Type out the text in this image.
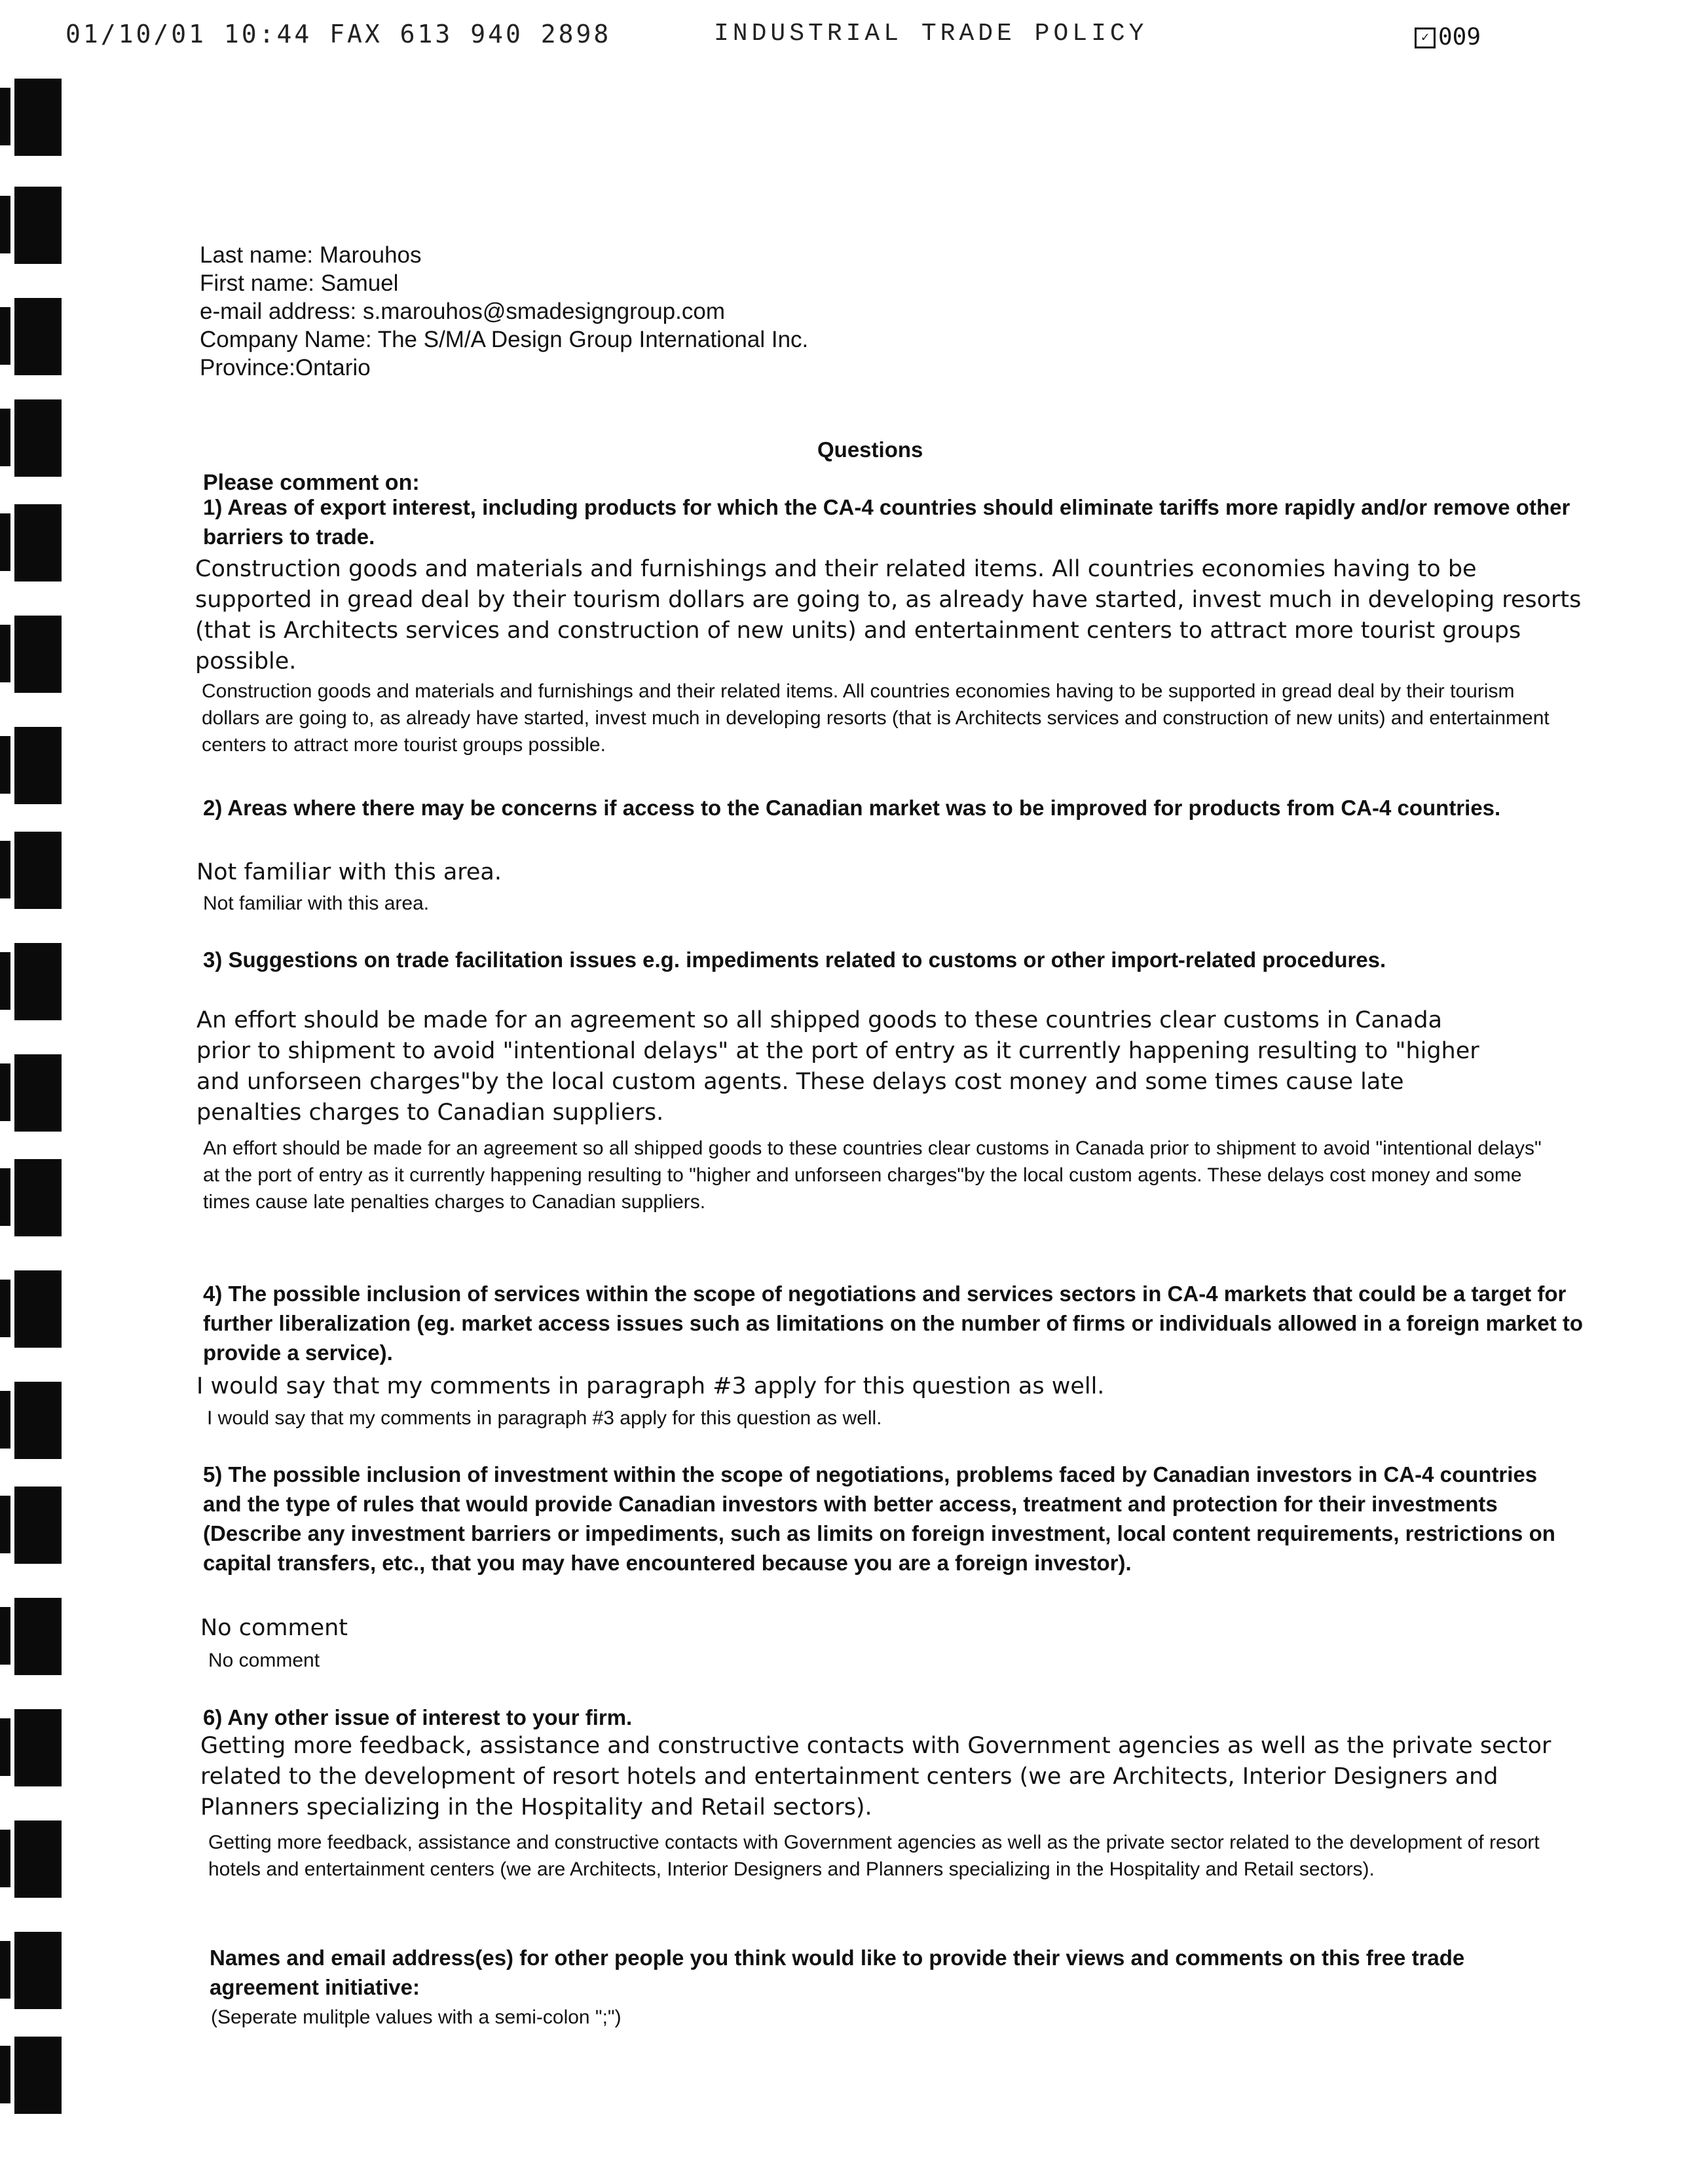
01/10/01 10:44 FAX 613 940 2898	INDUSTRIAL TRADE POLICY	✓ 009
Last name: Marouhos
First name: Samuel
e-mail address: s.marouhos@smadesigngroup.com
Company Name: The S/M/A Design Group International Inc.
Province:Ontario
Questions
Please comment on:
1) Areas of export interest, including products for which the CA-4 countries should eliminate tariffs more rapidly and/or remove other barriers to trade.
Construction goods and materials and furnishings and their related items. All countries economies having to be supported in gread deal by their tourism dollars are going to, as already have started, invest much in developing resorts (that is Architects services and construction of new units) and entertainment centers to attract more tourist groups possible.
Construction goods and materials and furnishings and their related items. All countries economies having to be supported in gread deal by their tourism dollars are going to, as already have started, invest much in developing resorts (that is Architects services and construction of new units) and entertainment centers to attract more tourist groups possible.
2) Areas where there may be concerns if access to the Canadian market was to be improved for products from CA-4 countries.
Not familiar with this area.
Not familiar with this area.
3) Suggestions on trade facilitation issues e.g. impediments related to customs or other import-related procedures.
An effort should be made for an agreement so all shipped goods to these countries clear customs in Canada prior to shipment to avoid "intentional delays" at the port of entry as it currently happening resulting to "higher and unforseen charges"by the local custom agents. These delays cost money and some times cause late penalties charges to Canadian suppliers.
An effort should be made for an agreement so all shipped goods to these countries clear customs in Canada prior to shipment to avoid "intentional delays" at the port of entry as it currently happening resulting to "higher and unforseen charges"by the local custom agents. These delays cost money and some times cause late penalties charges to Canadian suppliers.
4) The possible inclusion of services within the scope of negotiations and services sectors in CA-4 markets that could be a target for further liberalization (eg. market access issues such as limitations on the number of firms or individuals allowed in a foreign market to provide a service).
I would say that my comments in paragraph #3 apply for this question as well.
I would say that my comments in paragraph #3 apply for this question as well.
5) The possible inclusion of investment within the scope of negotiations, problems faced by Canadian investors in CA-4 countries and the type of rules that would provide Canadian investors with better access, treatment and protection for their investments (Describe any investment barriers or impediments, such as limits on foreign investment, local content requirements, restrictions on capital transfers, etc., that you may have encountered because you are a foreign investor).
No comment
No comment
6) Any other issue of interest to your firm.
Getting more feedback, assistance and constructive contacts with Government agencies as well as the private sector related to the development of resort hotels and entertainment centers (we are Architects, Interior Designers and Planners specializing in the Hospitality and Retail sectors).
Getting more feedback, assistance and constructive contacts with Government agencies as well as the private sector related to the development of resort hotels and entertainment centers (we are Architects, Interior Designers and Planners specializing in the Hospitality and Retail sectors).
Names and email address(es) for other people you think would like to provide their views and comments on this free trade agreement initiative:
(Seperate mulitple values with a semi-colon ";")
